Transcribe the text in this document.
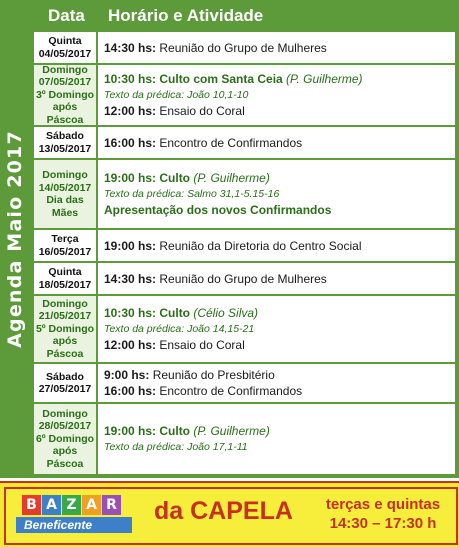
Agenda Maio 2017
Data Horário e Atividade
Quinta
04/05/2017 14:30 hs: Reunião do Grupo de Mulheres
Domingo
07/05/2017
3º Domingo
após Páscoa
10:30 hs: Culto com Santa Ceia (P. Guilherme)
Texto da prédica: João 10,1-10
12:00 hs: Ensaio do Coral
Sábado
13/05/2017 16:00 hs: Encontro de Confirmandos
Domingo
14/05/2017
Dia das
Mães
19:00 hs: Culto (P. Guilherme)
Texto da prédica: Salmo 31,1-5.15-16
Apresentação dos novos Confirmandos
Terça
16/05/2017 19:00 hs: Reunião da Diretoria do Centro Social
Quinta
18/05/2017 14:30 hs: Reunião do Grupo de Mulheres
Domingo
21/05/2017
5º Domingo
após Páscoa
10:30 hs: Culto (Célio Silva)
Texto da prédica: João 14,15-21
12:00 hs: Ensaio do Coral
Sábado
27/05/2017
9:00 hs: Reunião do Presbitério
16:00 hs: Encontro de Confirmandos
Domingo
28/05/2017
6º Domingo
após Páscoa
19:00 hs: Culto (P. Guilherme)
Texto da prédica: João 17,1-11
B A Z A R
Beneficente	da CAPELA	terças e quintas
14:30 – 17:30 h
